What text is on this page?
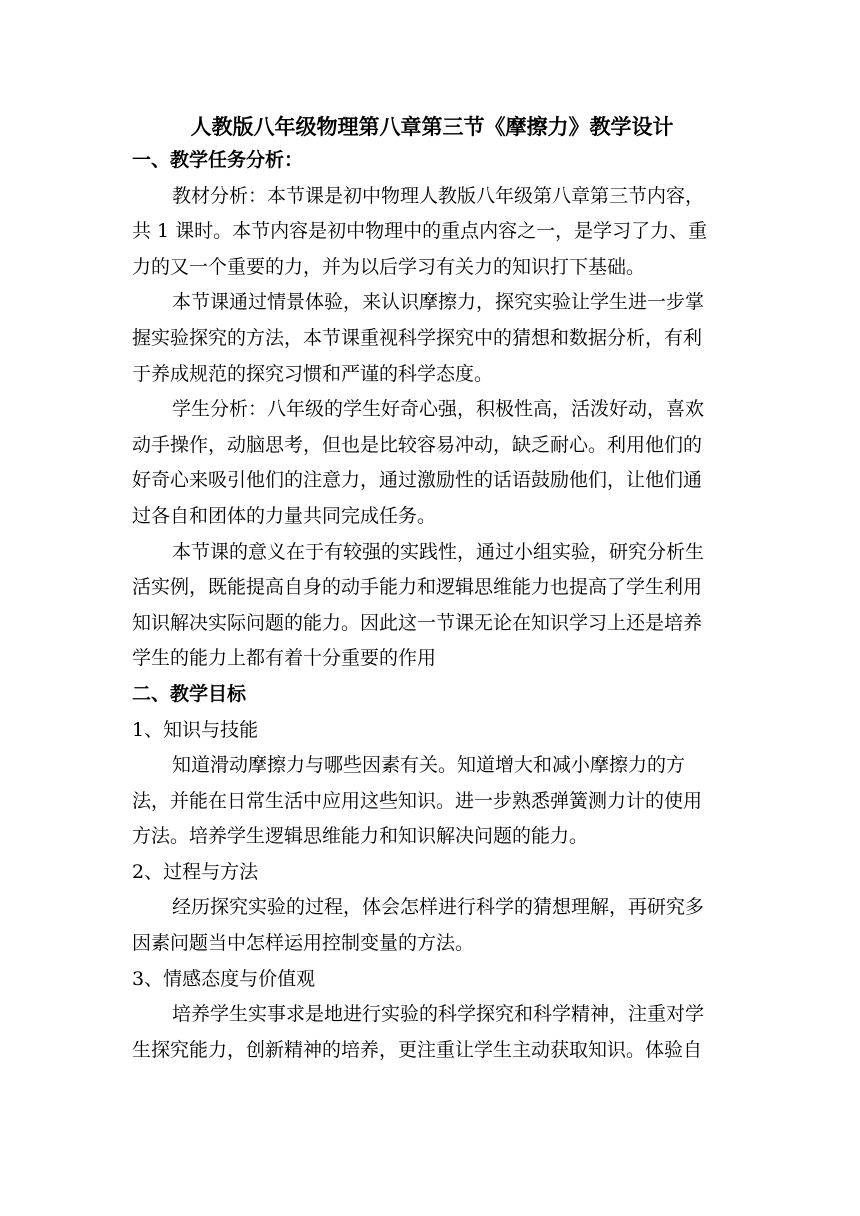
人教版八年级物理第八章第三节《摩擦力》教学设计
一、教学任务分析：

教材分析：本节课是初中物理人教版八年级第八章第三节内容，
共 1 课时。本节内容是初中物理中的重点内容之一，是学习了力、重
力的又一个重要的力，并为以后学习有关力的知识打下基础。

本节课通过情景体验，来认识摩擦力，探究实验让学生进一步掌
握实验探究的方法，本节课重视科学探究中的猜想和数据分析，有利
于养成规范的探究习惯和严谨的科学态度。

学生分析：八年级的学生好奇心强，积极性高，活泼好动，喜欢
动手操作，动脑思考，但也是比较容易冲动，缺乏耐心。利用他们的
好奇心来吸引他们的注意力，通过激励性的话语鼓励他们，让他们通
过各自和团体的力量共同完成任务。

本节课的意义在于有较强的实践性，通过小组实验，研究分析生
活实例，既能提高自身的动手能力和逻辑思维能力也提高了学生利用
知识解决实际问题的能力。因此这一节课无论在知识学习上还是培养
学生的能力上都有着十分重要的作用

二、教学目标
1、知识与技能

知道滑动摩擦力与哪些因素有关。知道增大和减小摩擦力的方
法，并能在日常生活中应用这些知识。进一步熟悉弹簧测力计的使用
方法。培养学生逻辑思维能力和知识解决问题的能力。

2、过程与方法

经历探究实验的过程，体会怎样进行科学的猜想理解，再研究多
因素问题当中怎样运用控制变量的方法。

3、情感态度与价值观

培养学生实事求是地进行实验的科学探究和科学精神，注重对学
生探究能力，创新精神的培养，更注重让学生主动获取知识。体验自
